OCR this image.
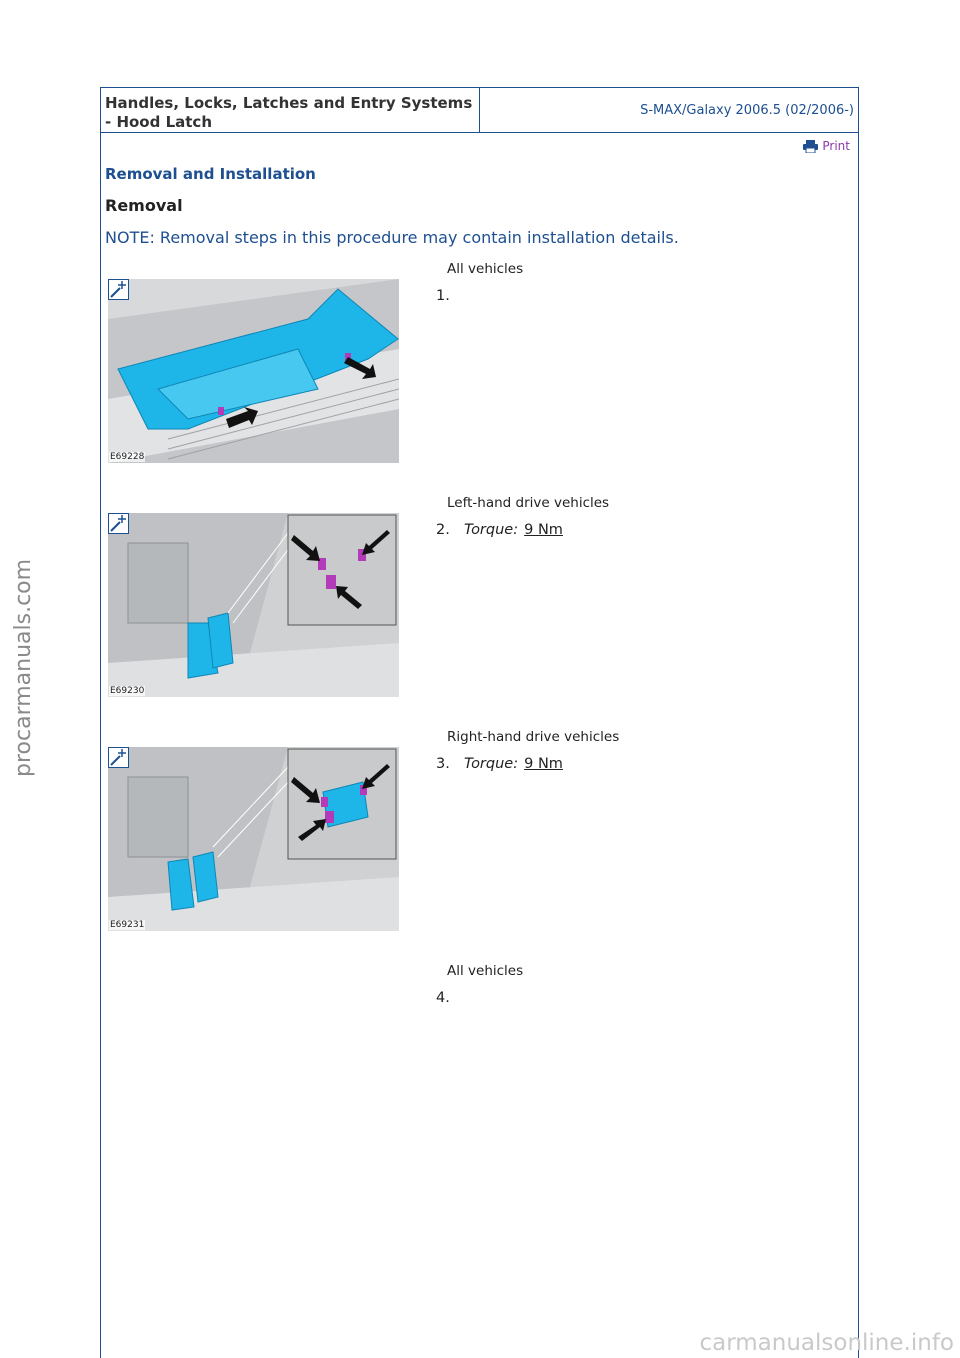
procarmanuals.com
Handles, Locks, Latches and Entry Systems - Hood Latch
S-MAX/Galaxy 2006.5 (02/2006-)
Print
Removal and Installation
Removal
NOTE: Removal steps in this procedure may contain installation details.
All vehicles
E69228
1.
Left-hand drive vehicles
E69230
2. Torque: 9 Nm
Right-hand drive vehicles
E69231
3. Torque: 9 Nm
All vehicles
4.
carmanualsonline.info
